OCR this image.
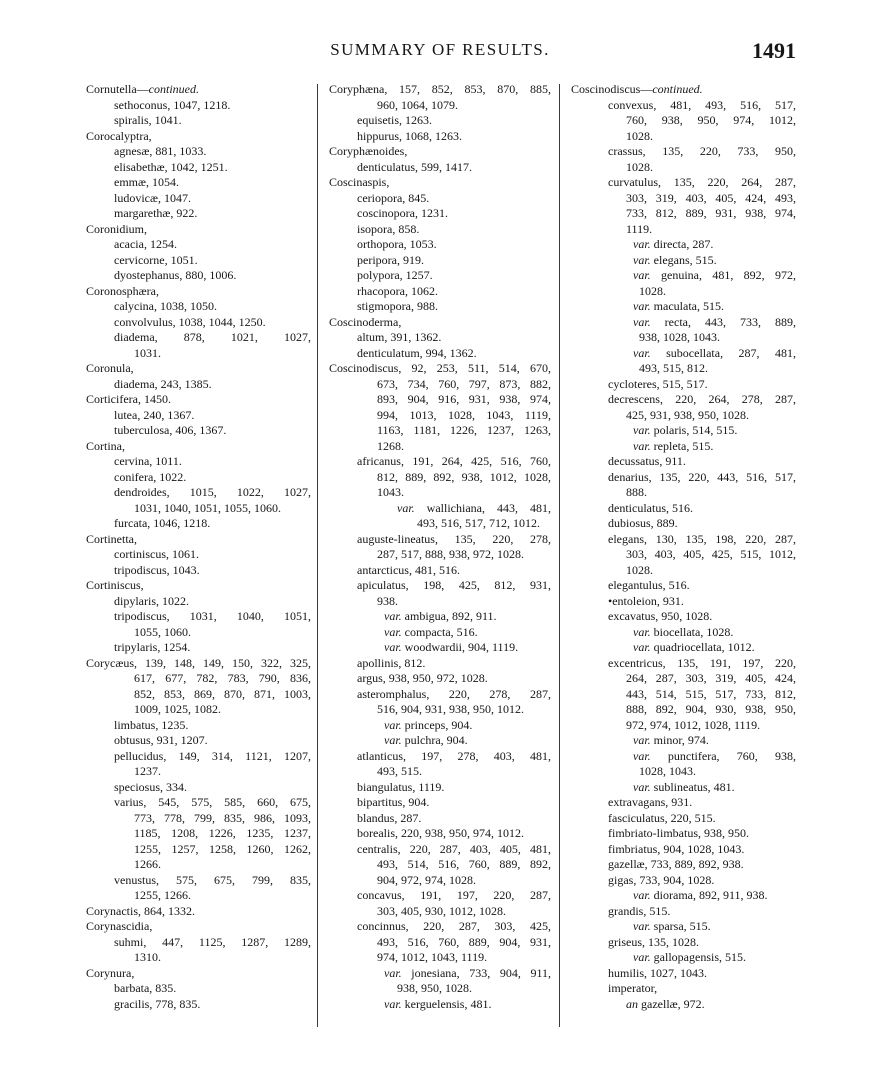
SUMMARY OF RESULTS.	1491
Cornutella—continued.
sethoconus, 1047, 1218.
spiralis, 1041.
Corocalyptra,
agnesæ, 881, 1033.
elisabethæ, 1042, 1251.
emmæ, 1054.
ludovicæ, 1047.
margarethæ, 922.
Coronidium,
acacia, 1254.
cervicorne, 1051.
dyostephanus, 880, 1006.
Coronosphæra,
calycina, 1038, 1050.
convolvulus, 1038, 1044, 1250.
diadema, 878, 1021, 1027,
1031.
Coronula,
diadema, 243, 1385.
Corticifera, 1450.
lutea, 240, 1367.
tuberculosa, 406, 1367.
Cortina,
cervina, 1011.
conifera, 1022.
dendroides, 1015, 1022, 1027,
1031, 1040, 1051, 1055, 1060.
furcata, 1046, 1218.
Cortinetta,
cortiniscus, 1061.
tripodiscus, 1043.
Cortiniscus,
dipylaris, 1022.
tripodiscus, 1031, 1040, 1051,
1055, 1060.
tripylaris, 1254.
Corycæus, 139, 148, 149, 150, 322, 325,
617, 677, 782, 783, 790, 836,
852, 853, 869, 870, 871, 1003,
1009, 1025, 1082.
limbatus, 1235.
obtusus, 931, 1207.
pellucidus, 149, 314, 1121, 1207,
1237.
speciosus, 334.
varius, 545, 575, 585, 660, 675,
773, 778, 799, 835, 986, 1093,
1185, 1208, 1226, 1235, 1237,
1255, 1257, 1258, 1260, 1262,
1266.
venustus, 575, 675, 799, 835,
1255, 1266.
Corynactis, 864, 1332.
Corynascidia,
suhmi, 447, 1125, 1287, 1289,
1310.
Corynura,
barbata, 835.
gracilis, 778, 835.
Coryphæna, 157, 852, 853, 870, 885,
960, 1064, 1079.
equisetis, 1263.
hippurus, 1068, 1263.
Coryphænoides,
denticulatus, 599, 1417.
Coscinaspis,
ceriopora, 845.
coscinopora, 1231.
isopora, 858.
orthopora, 1053.
peripora, 919.
polypora, 1257.
rhacopora, 1062.
stigmopora, 988.
Coscinoderma,
altum, 391, 1362.
denticulatum, 994, 1362.
Coscinodiscus, 92, 253, 511, 514, 670,
673, 734, 760, 797, 873, 882,
893, 904, 916, 931, 938, 974,
994, 1013, 1028, 1043, 1119,
1163, 1181, 1226, 1237, 1263,
1268.
africanus, 191, 264, 425, 516, 760,
812, 889, 892, 938, 1012, 1028,
1043.
var. wallichiana, 443, 481,
493, 516, 517, 712, 1012.
auguste-lineatus, 135, 220, 278,
287, 517, 888, 938, 972, 1028.
antarcticus, 481, 516.
apiculatus, 198, 425, 812, 931,
938.
var. ambigua, 892, 911.
var. compacta, 516.
var. woodwardii, 904, 1119.
apollinis, 812.
argus, 938, 950, 972, 1028.
asteromphalus, 220, 278, 287,
516, 904, 931, 938, 950, 1012.
var. princeps, 904.
var. pulchra, 904.
atlanticus, 197, 278, 403, 481,
493, 515.
biangulatus, 1119.
bipartitus, 904.
blandus, 287.
borealis, 220, 938, 950, 974, 1012.
centralis, 220, 287, 403, 405, 481,
493, 514, 516, 760, 889, 892,
904, 972, 974, 1028.
concavus, 191, 197, 220, 287,
303, 405, 930, 1012, 1028.
concinnus, 220, 287, 303, 425,
493, 516, 760, 889, 904, 931,
974, 1012, 1043, 1119.
var. jonesiana, 733, 904, 911,
938, 950, 1028.
var. kerguelensis, 481.
Coscinodiscus—continued.
convexus, 481, 493, 516, 517,
760, 938, 950, 974, 1012,
1028.
crassus, 135, 220, 733, 950,
1028.
curvatulus, 135, 220, 264, 287,
303, 319, 403, 405, 424, 493,
733, 812, 889, 931, 938, 974,
1119.
var. directa, 287.
var. elegans, 515.
var. genuina, 481, 892, 972,
1028.
var. maculata, 515.
var. recta, 443, 733, 889,
938, 1028, 1043.
var. subocellata, 287, 481,
493, 515, 812.
cycloteres, 515, 517.
decrescens, 220, 264, 278, 287,
425, 931, 938, 950, 1028.
var. polaris, 514, 515.
var. repleta, 515.
decussatus, 911.
denarius, 135, 220, 443, 516, 517,
888.
denticulatus, 516.
dubiosus, 889.
elegans, 130, 135, 198, 220, 287,
303, 403, 405, 425, 515, 1012,
1028.
elegantulus, 516.
•entoleion, 931.
excavatus, 950, 1028.
var. biocellata, 1028.
var. quadriocellata, 1012.
excentricus, 135, 191, 197, 220,
264, 287, 303, 319, 405, 424,
443, 514, 515, 517, 733, 812,
888, 892, 904, 930, 938, 950,
972, 974, 1012, 1028, 1119.
var. minor, 974.
var. punctifera, 760, 938,
1028, 1043.
var. sublineatus, 481.
extravagans, 931.
fasciculatus, 220, 515.
fimbriato-limbatus, 938, 950.
fimbriatus, 904, 1028, 1043.
gazellæ, 733, 889, 892, 938.
gigas, 733, 904, 1028.
var. diorama, 892, 911, 938.
grandis, 515.
var. sparsa, 515.
griseus, 135, 1028.
var. gallopagensis, 515.
humilis, 1027, 1043.
imperator,
an gazellæ, 972.
